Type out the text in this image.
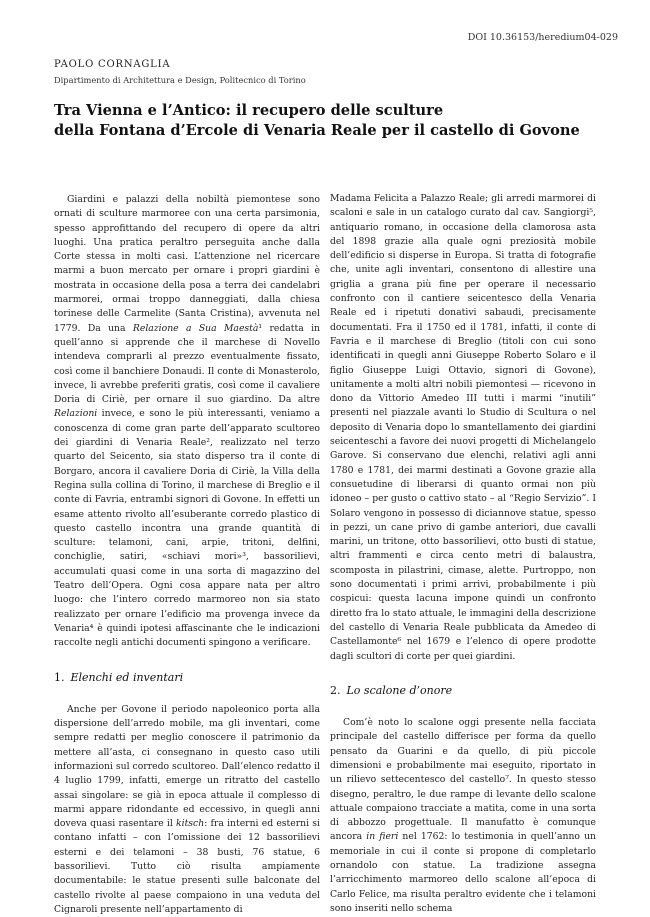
DOI 10.36153/heredium04-029
PAOLO CORNAGLIA
Dipartimento di Architettura e Design, Politecnico di Torino
Tra Vienna e l’Antico: il recupero delle sculture
della Fontana d’Ercole di Venaria Reale per il castello di Govone

Giardini e palazzi della nobiltà piemontese sono ornati di sculture marmoree con una certa parsimonia, spesso approfittando del recupero di opere da altri luoghi. Una pratica peraltro perseguita anche dalla Corte stessa in molti casi. L’attenzione nel ricercare marmi a buon mercato per ornare i propri giardini è mostrata in occasione della posa a terra dei candelabri marmorei, ormai troppo danneggiati, dalla chiesa torinese delle Carmelite (Santa Cristina), avvenuta nel 1779. Da una Relazione a Sua Maestà¹ redatta in quell’anno si apprende che il marchese di Novello intendeva comprarli al prezzo eventualmente fissato, così come il banchiere Donaudi. Il conte di Monasterolo, invece, li avrebbe preferiti gratis, così come il cavaliere Doria di Ciriè, per ornare il suo giardino. Da altre Relazioni invece, e sono le più interessanti, veniamo a conoscenza di come gran parte dell’apparato scultoreo dei giardini di Venaria Reale², realizzato nel terzo quarto del Seicento, sia stato disperso tra il conte di Borgaro, ancora il cavaliere Doria di Ciriè, la Villa della Regina sulla collina di Torino, il marchese di Breglio e il conte di Favria, entrambi signori di Govone. In effetti un esame attento rivolto all’esuberante corredo plastico di questo castello incontra una grande quantità di sculture: telamoni, cani, arpie, tritoni, delfini, conchiglie, satiri, «schiavi mori»³, bassorilievi, accumulati quasi come in una sorta di magazzino del Teatro dell’Opera. Ogni cosa appare nata per altro luogo: che l’intero corredo marmoreo non sia stato realizzato per ornare l’edificio ma provenga invece da Venaria⁴ è quindi ipotesi affascinante che le indicazioni raccolte negli antichi documenti spingono a verificare.

1. Elenchi ed inventari

Anche per Govone il periodo napoleonico porta alla dispersione dell’arredo mobile, ma gli inventari, come sempre redatti per meglio conoscere il patrimonio da mettere all’asta, ci consegnano in questo caso utili informazioni sul corredo scultoreo. Dall’elenco redatto il 4 luglio 1799, infatti, emerge un ritratto del castello assai singolare: se già in epoca attuale il complesso di marmi appare ridondante ed eccessivo, in quegli anni doveva quasi rasentare il kitsch: fra interni ed esterni si contano infatti – con l’omissione dei 12 bassorilievi esterni e dei telamoni – 38 busti, 76 statue, 6 bassorilievi. Tutto ciò risulta ampiamente documentabile: le statue presenti sulle balconate del castello rivolte al paese compaiono in una veduta del Cignaroli presente nell’appartamento di

Madama Felicita a Palazzo Reale; gli arredi marmorei di scaloni e sale in un catalogo curato dal cav. Sangiorgi⁵, antiquario romano, in occasione della clamorosa asta del 1898 grazie alla quale ogni preziosità mobile dell’edificio si disperse in Europa. Si tratta di fotografie che, unite agli inventari, consentono di allestire una griglia a grana più fine per operare il necessario confronto con il cantiere seicentesco della Venaria Reale ed i ripetuti donativi sabaudi, precisamente documentati. Fra il 1750 ed il 1781, infatti, il conte di Favria e il marchese di Breglio (titoli con cui sono identificati in quegli anni Giuseppe Roberto Solaro e il figlio Giuseppe Luigi Ottavio, signori di Govone), unitamente a molti altri nobili piemontesi — ricevono in dono da Vittorio Amedeo III tutti i marmi “inutili” presenti nel piazzale avanti lo Studio di Scultura o nel deposito di Venaria dopo lo smantellamento dei giardini seicenteschi a favore dei nuovi progetti di Michelangelo Garove. Si conservano due elenchi, relativi agli anni 1780 e 1781, dei marmi destinati a Govone grazie alla consuetudine di liberarsi di quanto ormai non più idoneo – per gusto o cattivo stato – al “Regio Servizio”. I Solaro vengono in possesso di diciannove statue, spesso in pezzi, un cane privo di gambe anteriori, due cavalli marini, un tritone, otto bassorilievi, otto busti di statue, altri frammenti e circa cento metri di balaustra, scomposta in pilastrini, cimase, alette. Purtroppo, non sono documentati i primi arrivi, probabilmente i più cospicui: questa lacuna impone quindi un confronto diretto fra lo stato attuale, le immagini della descrizione del castello di Venaria Reale pubblicata da Amedeo di Castellamonte⁶ nel 1679 e l’elenco di opere prodotte dagli scultori di corte per quei giardini.

2. Lo scalone d’onore

Com’è noto lo scalone oggi presente nella facciata principale del castello differisce per forma da quello pensato da Guarini e da quello, di più piccole dimensioni e probabilmente mai eseguito, riportato in un rilievo settecentesco del castello⁷. In questo stesso disegno, peraltro, le due rampe di levante dello scalone attuale compaiono tracciate a matita, come in una sorta di abbozzo progettuale. Il manufatto è comunque ancora in fieri nel 1762: lo testimonia in quell’anno un memoriale in cui il conte si propone di completarlo ornandolo con statue. La tradizione assegna l’arricchimento marmoreo dello scalone all’epoca di Carlo Felice, ma risulta peraltro evidente che i telamoni sono inseriti nello schema
